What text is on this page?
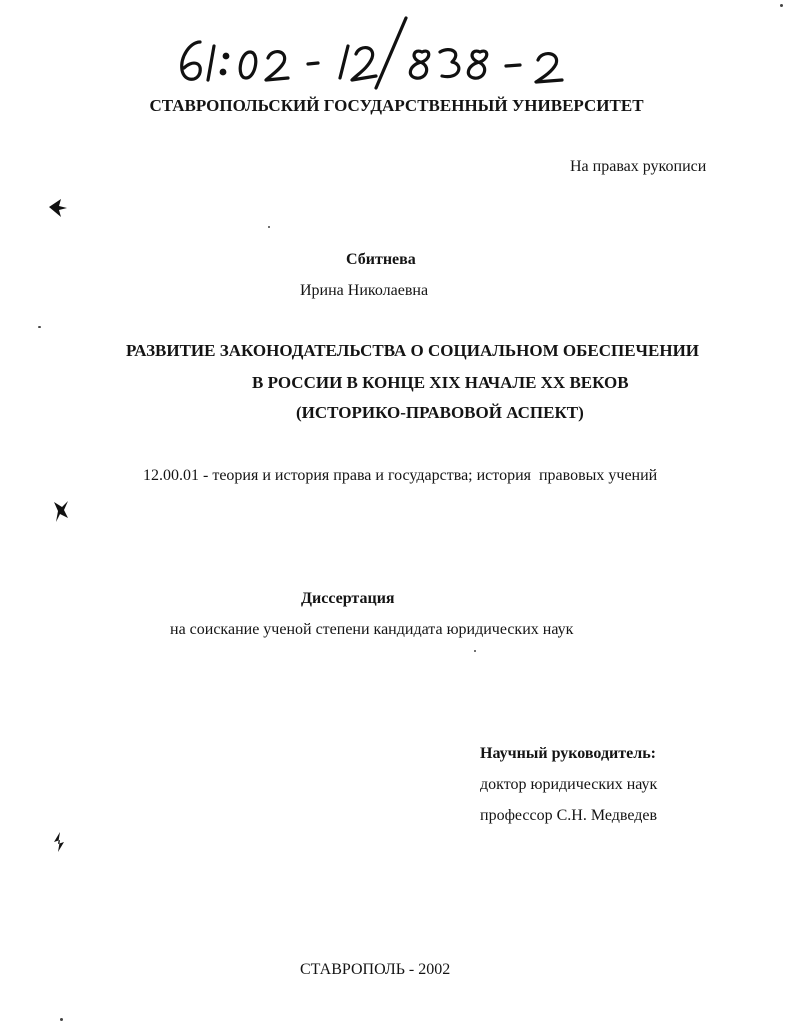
СТАВРОПОЛЬСКИЙ ГОСУДАРСТВЕННЫЙ УНИВЕРСИТЕТ
На правах рукописи
Сбитнева
Ирина Николаевна
РАЗВИТИЕ ЗАКОНОДАТЕЛЬСТВА О СОЦИАЛЬНОМ ОБЕСПЕЧЕНИИ
В РОССИИ В КОНЦЕ XIX НАЧАЛЕ XX ВЕКОВ
(ИСТОРИКО-ПРАВОВОЙ АСПЕКТ)
12.00.01 - теория и история права и государства; история  правовых учений
Диссертация
на соискание ученой степени кандидата юридических наук
Научный руководитель:
доктор юридических наук
профессор С.Н. Медведев
СТАВРОПОЛЬ - 2002
